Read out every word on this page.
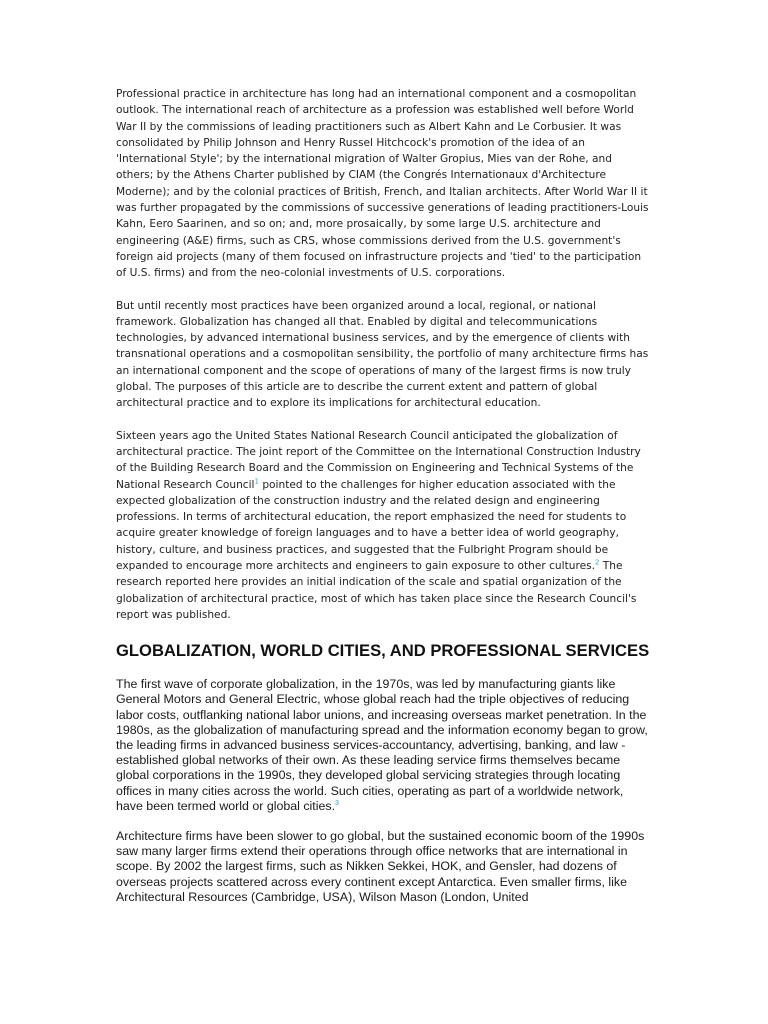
Professional practice in architecture has long had an international component and a cosmopolitan outlook. The international reach of architecture as a profession was established well before World War II by the commissions of leading practitioners such as Albert Kahn and Le Corbusier. It was consolidated by Philip Johnson and Henry Russel Hitchcock's promotion of the idea of an 'International Style'; by the international migration of Walter Gropius, Mies van der Rohe, and others; by the Athens Charter published by CIAM (the Congrés Internationaux d'Architecture Moderne); and by the colonial practices of British, French, and Italian architects. After World War II it was further propagated by the commissions of successive generations of leading practitioners-Louis Kahn, Eero Saarinen, and so on; and, more prosaically, by some large U.S. architecture and engineering (A&E) firms, such as CRS, whose commissions derived from the U.S. government's foreign aid projects (many of them focused on infrastructure projects and 'tied' to the participation of U.S. firms) and from the neo-colonial investments of U.S. corporations.

But until recently most practices have been organized around a local, regional, or national framework. Globalization has changed all that. Enabled by digital and telecommunications technologies, by advanced international business services, and by the emergence of clients with transnational operations and a cosmopolitan sensibility, the portfolio of many architecture firms has an international component and the scope of operations of many of the largest firms is now truly global. The purposes of this article are to describe the current extent and pattern of global architectural practice and to explore its implications for architectural education.

Sixteen years ago the United States National Research Council anticipated the globalization of architectural practice. The joint report of the Committee on the International Construction Industry of the Building Research Board and the Commission on Engineering and Technical Systems of the National Research Council$^1$ pointed to the challenges for higher education associated with the expected globalization of the construction industry and the related design and engineering professions. In terms of architectural education, the report emphasized the need for students to acquire greater knowledge of foreign languages and to have a better idea of world geography, history, culture, and business practices, and suggested that the Fulbright Program should be expanded to encourage more architects and engineers to gain exposure to other cultures.$^2$ The research reported here provides an initial indication of the scale and spatial organization of the globalization of architectural practice, most of which has taken place since the Research Council's report was published.

GLOBALIZATION, WORLD CITIES, AND PROFESSIONAL SERVICES

The first wave of corporate globalization, in the 1970s, was led by manufacturing giants like General Motors and General Electric, whose global reach had the triple objectives of reducing labor costs, outflanking national labor unions, and increasing overseas market penetration. In the 1980s, as the globalization of manufacturing spread and the information economy began to grow, the leading firms in advanced business services-accountancy, advertising, banking, and law - established global networks of their own. As these leading service firms themselves became global corporations in the 1990s, they developed global servicing strategies through locating offices in many cities across the world. Such cities, operating as part of a worldwide network, have been termed world or global cities.$^3$

Architecture firms have been slower to go global, but the sustained economic boom of the 1990s saw many larger firms extend their operations through office networks that are international in scope. By 2002 the largest firms, such as Nikken Sekkei, HOK, and Gensler, had dozens of overseas projects scattered across every continent except Antarctica. Even smaller firms, like Architectural Resources (Cambridge, USA), Wilson Mason (London, United
